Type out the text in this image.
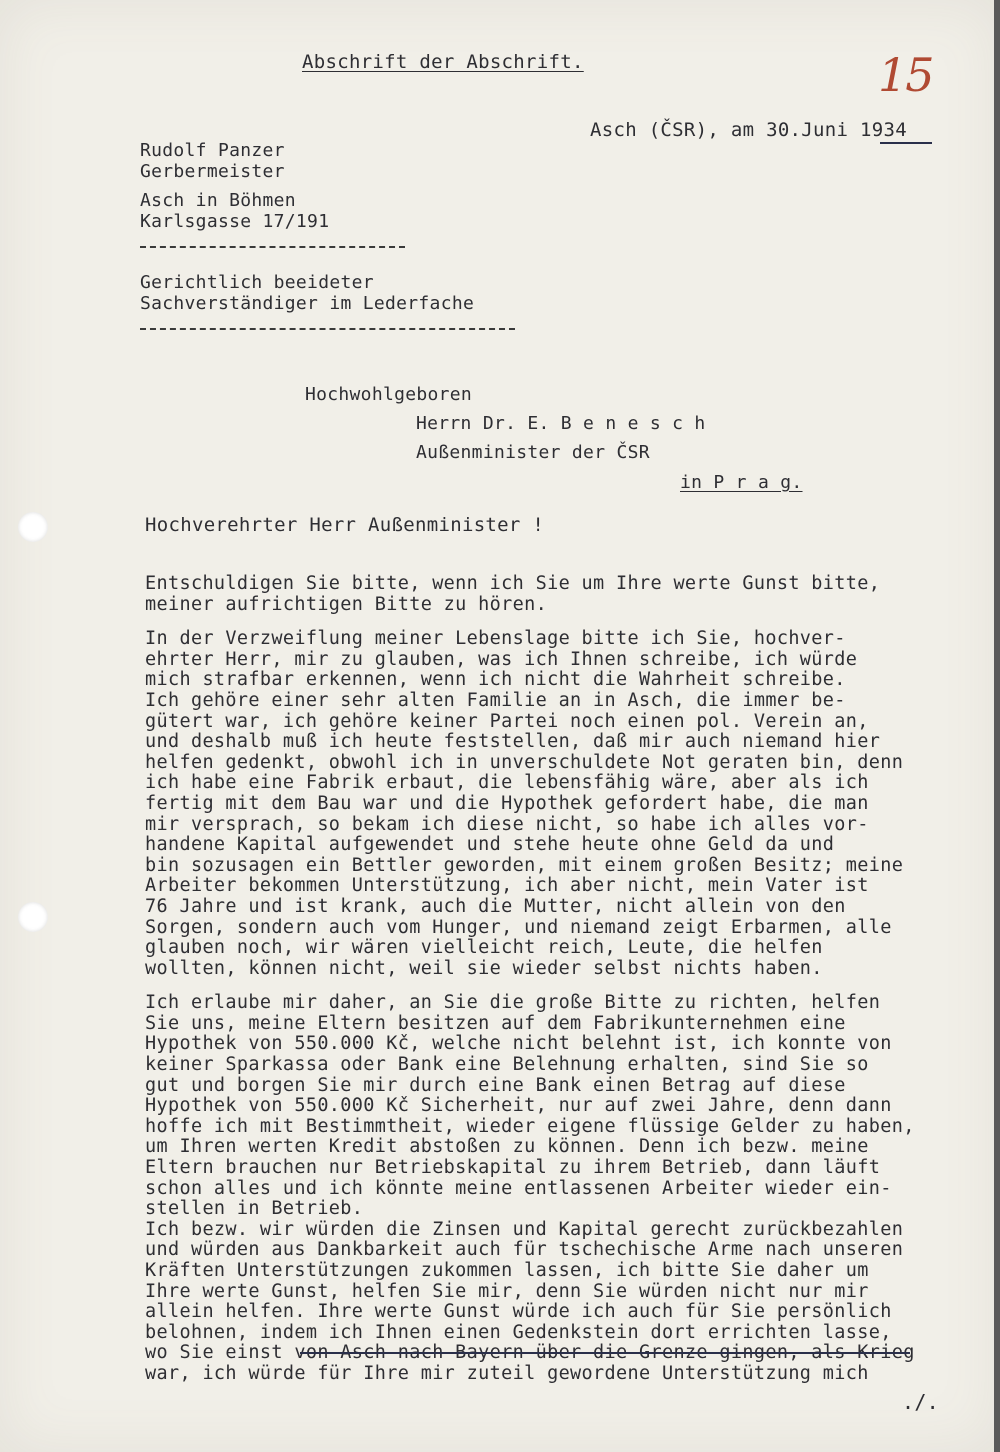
Abschrift der Abschrift.	15
Asch (ČSR), am 30.Juni 1934
Rudolf Panzer
Gerbermeister
Asch in Böhmen
Karlsgasse 17/191
Gerichtlich beeideter
Sachverständiger im Lederfache
Hochwohlgeboren
Herrn Dr. E. B e n e s c h
Außenminister der ČSR
in P r a g.
Hochverehrter Herr Außenminister !

Entschuldigen Sie bitte, wenn ich Sie um Ihre werte Gunst bitte,
meiner aufrichtigen Bitte zu hören.

In der Verzweiflung meiner Lebenslage bitte ich Sie, hochver-
ehrter Herr, mir zu glauben, was ich Ihnen schreibe, ich würde
mich strafbar erkennen, wenn ich nicht die Wahrheit schreibe.
Ich gehöre einer sehr alten Familie an in Asch, die immer be-
gütert war, ich gehöre keiner Partei noch einen pol. Verein an,
und deshalb muß ich heute feststellen, daß mir auch niemand hier
helfen gedenkt, obwohl ich in unverschuldete Not geraten bin, denn
ich habe eine Fabrik erbaut, die lebensfähig wäre, aber als ich
fertig mit dem Bau war und die Hypothek gefordert habe, die man
mir versprach, so bekam ich diese nicht, so habe ich alles vor-
handene Kapital aufgewendet und stehe heute ohne Geld da und
bin sozusagen ein Bettler geworden, mit einem großen Besitz; meine
Arbeiter bekommen Unterstützung, ich aber nicht, mein Vater ist
76 Jahre und ist krank, auch die Mutter, nicht allein von den
Sorgen, sondern auch vom Hunger, und niemand zeigt Erbarmen, alle
glauben noch, wir wären vielleicht reich, Leute, die helfen
wollten, können nicht, weil sie wieder selbst nichts haben.

Ich erlaube mir daher, an Sie die große Bitte zu richten, helfen
Sie uns, meine Eltern besitzen auf dem Fabrikunternehmen eine
Hypothek von 550.000 Kč, welche nicht belehnt ist, ich konnte von
keiner Sparkassa oder Bank eine Belehnung erhalten, sind Sie so
gut und borgen Sie mir durch eine Bank einen Betrag auf diese
Hypothek von 550.000 Kč Sicherheit, nur auf zwei Jahre, denn dann
hoffe ich mit Bestimmtheit, wieder eigene flüssige Gelder zu haben,
um Ihren werten Kredit abstoßen zu können. Denn ich bezw. meine
Eltern brauchen nur Betriebskapital zu ihrem Betrieb, dann läuft
schon alles und ich könnte meine entlassenen Arbeiter wieder ein-
stellen in Betrieb.
Ich bezw. wir würden die Zinsen und Kapital gerecht zurückbezahlen
und würden aus Dankbarkeit auch für tschechische Arme nach unseren
Kräften Unterstützungen zukommen lassen, ich bitte Sie daher um
Ihre werte Gunst, helfen Sie mir, denn Sie würden nicht nur mir
allein helfen. Ihre werte Gunst würde ich auch für Sie persönlich
belohnen, indem ich Ihnen einen Gedenkstein dort errichten lasse,
wo Sie einst von Asch nach Bayern über die Grenze gingen, als Krieg
war, ich würde für Ihre mir zuteil gewordene Unterstützung mich

./.
